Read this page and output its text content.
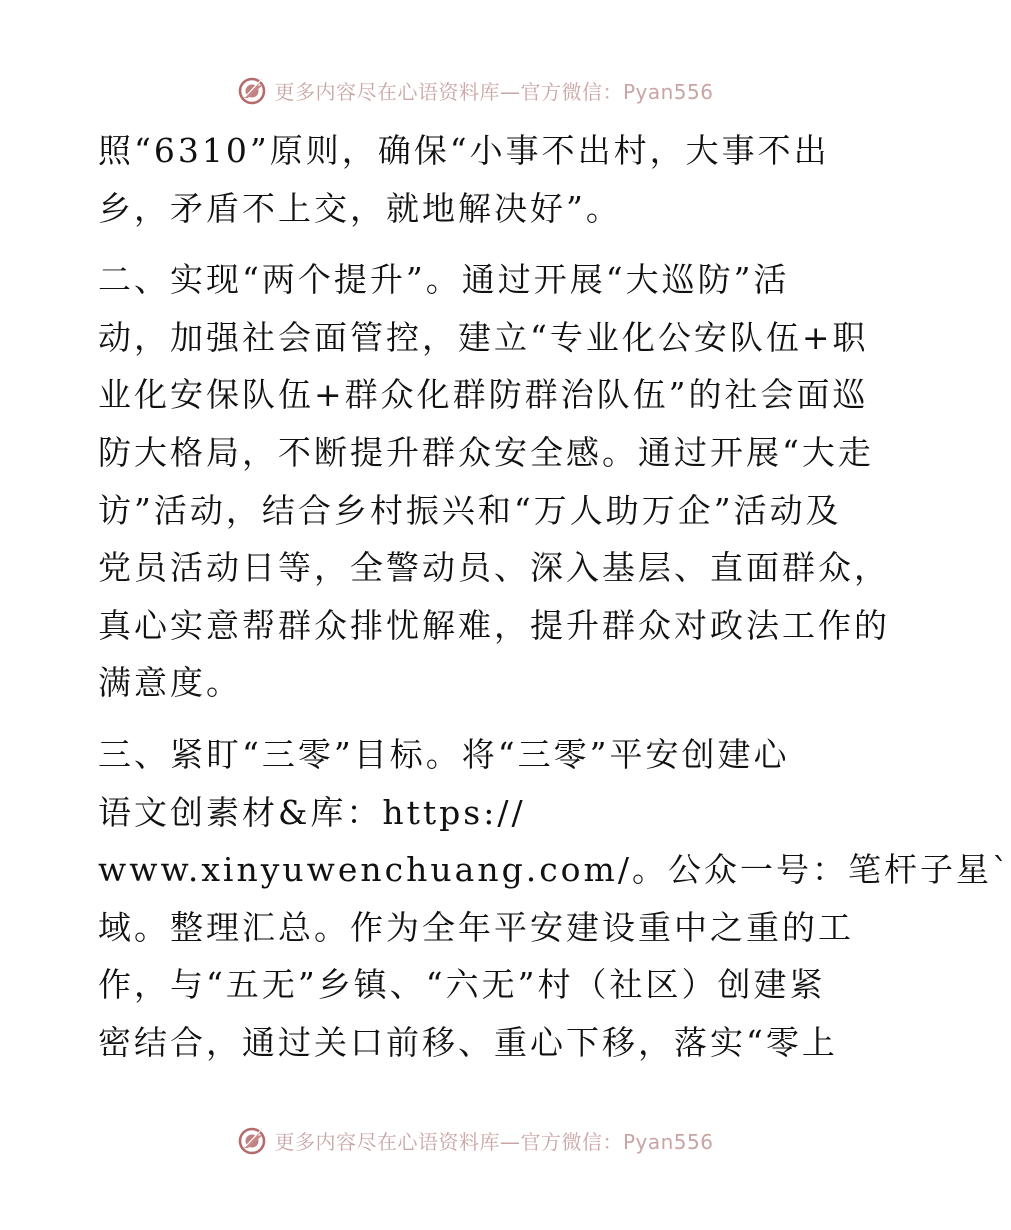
更多内容尽在心语资料库—官方微信：Pyan556
照“6310”原则，确保“小事不出村，大事不出
乡，矛盾不上交，就地解决好”。
二、实现“两个提升”。通过开展“大巡防”活
动，加强社会面管控，建立“专业化公安队伍+职
业化安保队伍+群众化群防群治队伍”的社会面巡
防大格局，不断提升群众安全感。通过开展“大走
访”活动，结合乡村振兴和“万人助万企”活动及
党员活动日等，全警动员、深入基层、直面群众，
真心实意帮群众排忧解难，提升群众对政法工作的
满意度。
三、紧盯“三零”目标。将“三零”平安创建心
语文创素材&库：https://
www.xinyuwenchuang.com/。公众一号：笔杆子星`
域。整理汇总。作为全年平安建设重中之重的工
作，与“五无”乡镇、“六无”村（社区）创建紧
密结合，通过关口前移、重心下移，落实“零上
更多内容尽在心语资料库—官方微信：Pyan556
